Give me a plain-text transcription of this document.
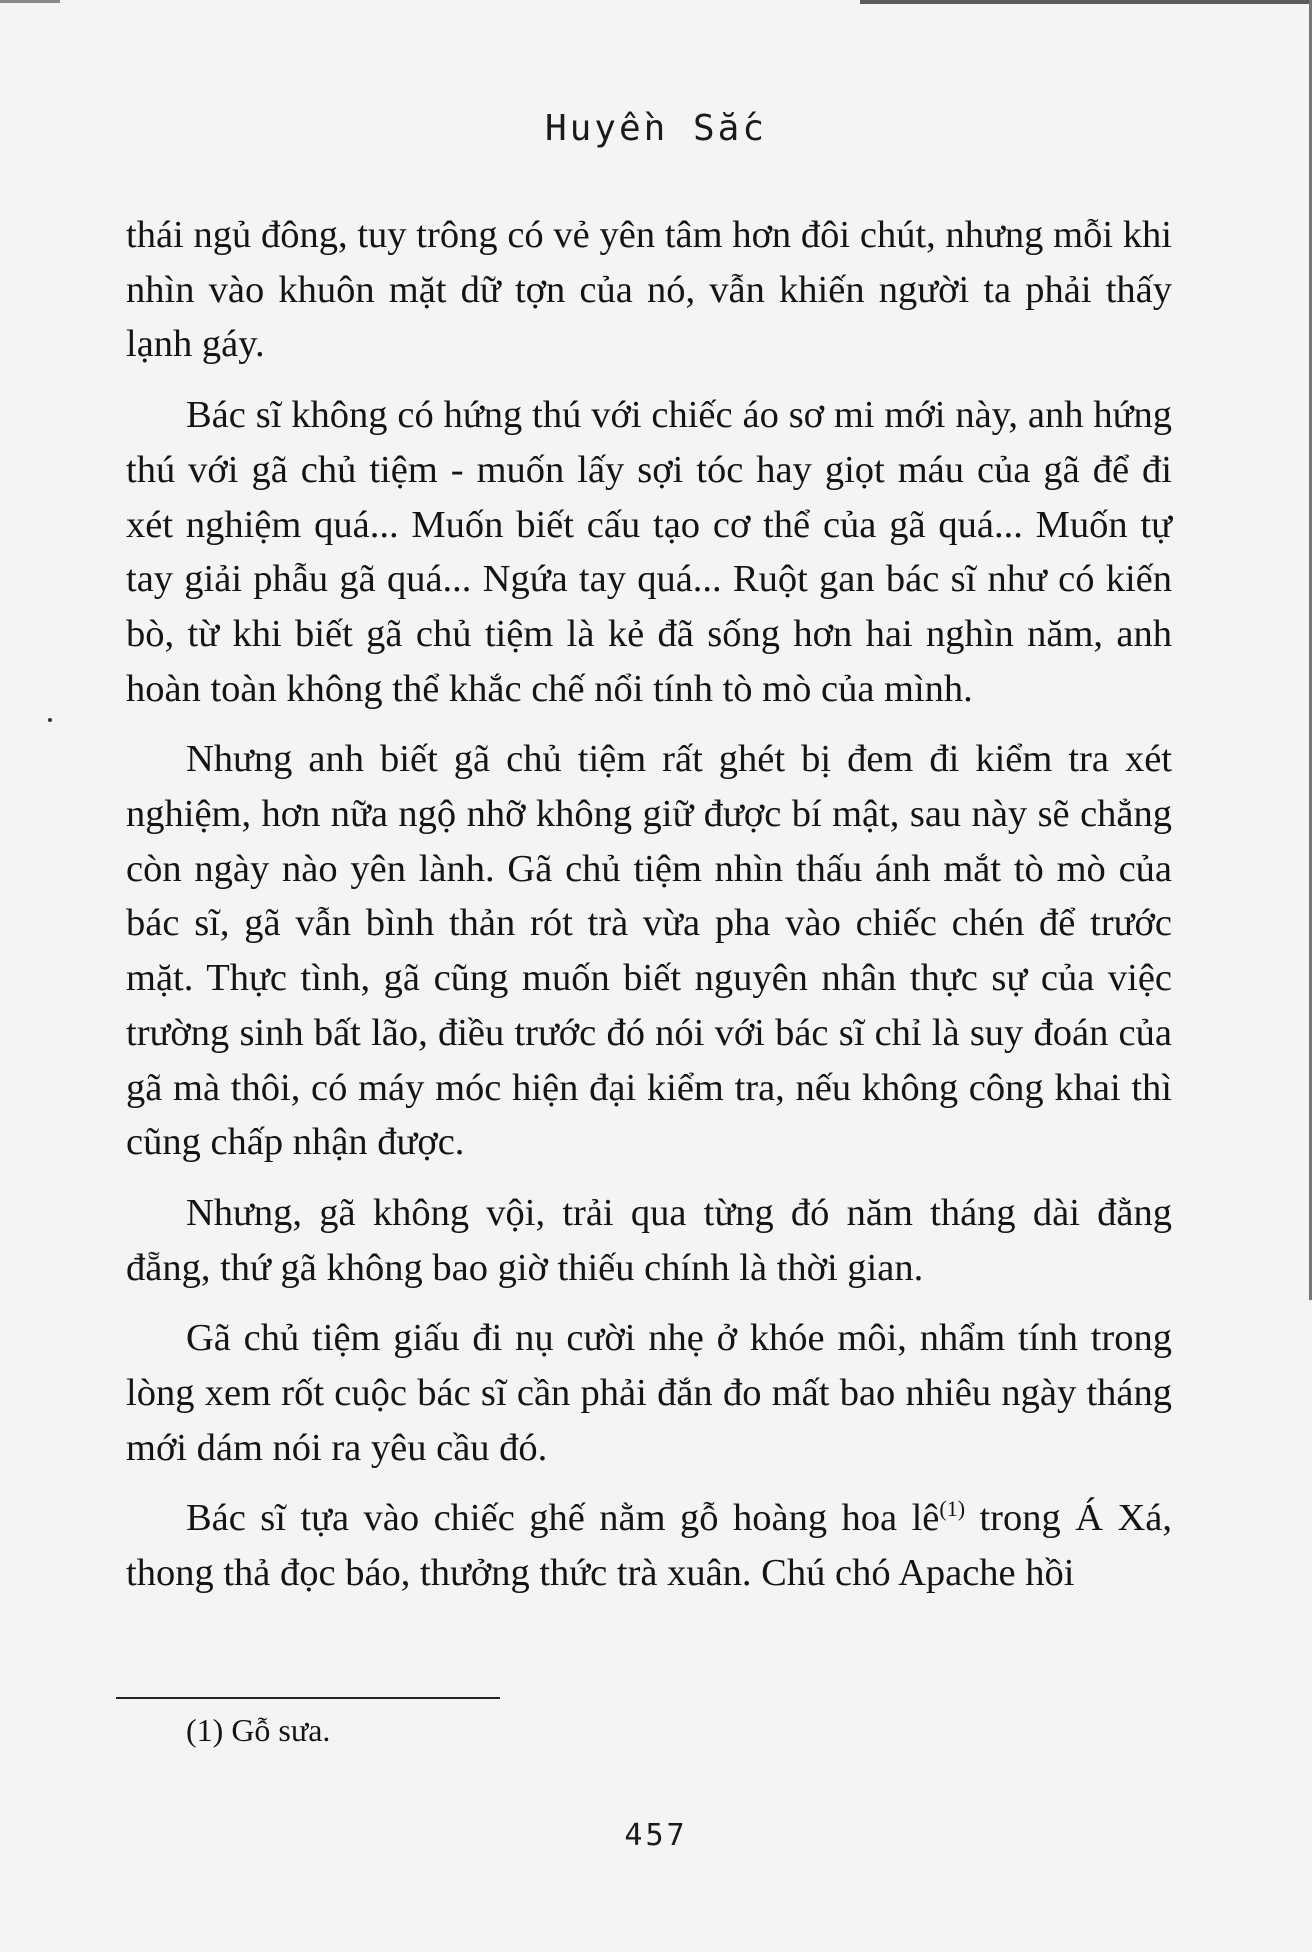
Huyền Sắc

thái ngủ đông, tuy trông có vẻ yên tâm hơn đôi chút, nhưng mỗi khi nhìn vào khuôn mặt dữ tợn của nó, vẫn khiến người ta phải thấy lạnh gáy.

Bác sĩ không có hứng thú với chiếc áo sơ mi mới này, anh hứng thú với gã chủ tiệm - muốn lấy sợi tóc hay giọt máu của gã để đi xét nghiệm quá... Muốn biết cấu tạo cơ thể của gã quá... Muốn tự tay giải phẫu gã quá... Ngứa tay quá... Ruột gan bác sĩ như có kiến bò, từ khi biết gã chủ tiệm là kẻ đã sống hơn hai nghìn năm, anh hoàn toàn không thể khắc chế nổi tính tò mò của mình.

Nhưng anh biết gã chủ tiệm rất ghét bị đem đi kiểm tra xét nghiệm, hơn nữa ngộ nhỡ không giữ được bí mật, sau này sẽ chẳng còn ngày nào yên lành. Gã chủ tiệm nhìn thấu ánh mắt tò mò của bác sĩ, gã vẫn bình thản rót trà vừa pha vào chiếc chén để trước mặt. Thực tình, gã cũng muốn biết nguyên nhân thực sự của việc trường sinh bất lão, điều trước đó nói với bác sĩ chỉ là suy đoán của gã mà thôi, có máy móc hiện đại kiểm tra, nếu không công khai thì cũng chấp nhận được.

Nhưng, gã không vội, trải qua từng đó năm tháng dài đằng đẵng, thứ gã không bao giờ thiếu chính là thời gian.

Gã chủ tiệm giấu đi nụ cười nhẹ ở khóe môi, nhẩm tính trong lòng xem rốt cuộc bác sĩ cần phải đắn đo mất bao nhiêu ngày tháng mới dám nói ra yêu cầu đó.

Bác sĩ tựa vào chiếc ghế nằm gỗ hoàng hoa $lê^{(1)}$ trong Á Xá, thong thả đọc báo, thưởng thức trà xuân. Chú chó Apache hồi

(1) Gỗ sưa.
457
